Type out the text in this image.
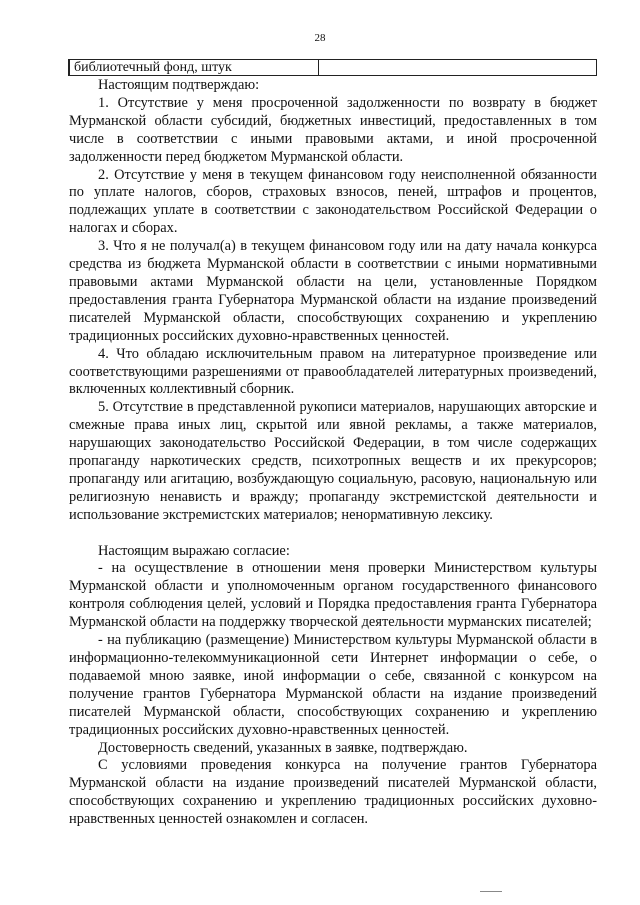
28
библиотечный фонд, штук

Настоящим подтверждаю:

1. Отсутствие у меня просроченной задолженности по возврату в бюджет Мурманской области субсидий, бюджетных инвестиций, предоставленных в том числе в соответствии с иными правовыми актами, и иной просроченной задолженности перед бюджетом Мурманской области.

2. Отсутствие у меня в текущем финансовом году неисполненной обязанности по уплате налогов, сборов, страховых взносов, пеней, штрафов и процентов, подлежащих уплате в соответствии с законодательством Российской Федерации о налогах и сборах.

3. Что я не получал(а) в текущем финансовом году или на дату начала конкурса средства из бюджета Мурманской области в соответствии с иными нормативными правовыми актами Мурманской области на цели, установленные Порядком предоставления гранта Губернатора Мурманской области на издание произведений писателей Мурманской области, способствующих сохранению и укреплению традиционных российских духовно-нравственных ценностей.

4. Что обладаю исключительным правом на литературное произведение или соответствующими разрешениями от правообладателей литературных произведений, включенных коллективный сборник.

5. Отсутствие в представленной рукописи материалов, нарушающих авторские и смежные права иных лиц, скрытой или явной рекламы, а также материалов, нарушающих законодательство Российской Федерации, в том числе содержащих пропаганду наркотических средств, психотропных веществ и их прекурсоров; пропаганду или агитацию, возбуждающую социальную, расовую, национальную или религиозную ненависть и вражду; пропаганду экстремистской деятельности и использование экстремистских материалов; ненормативную лексику.

Настоящим выражаю согласие:

- на осуществление в отношении меня проверки Министерством культуры Мурманской области и уполномоченным органом государственного финансового контроля соблюдения целей, условий и Порядка предоставления гранта Губернатора Мурманской области на поддержку творческой деятельности мурманских писателей;

- на публикацию (размещение) Министерством культуры Мурманской области в информационно-телекоммуникационной сети Интернет информации о себе, о подаваемой мною заявке, иной информации о себе, связанной с конкурсом на получение грантов Губернатора Мурманской области на издание произведений писателей Мурманской области, способствующих сохранению и укреплению традиционных российских духовно-нравственных ценностей.

Достоверность сведений, указанных в заявке, подтверждаю.

С условиями проведения конкурса на получение грантов Губернатора Мурманской области на издание произведений писателей Мурманской области, способствующих сохранению и укреплению традиционных российских духовно-нравственных ценностей ознакомлен и согласен.
